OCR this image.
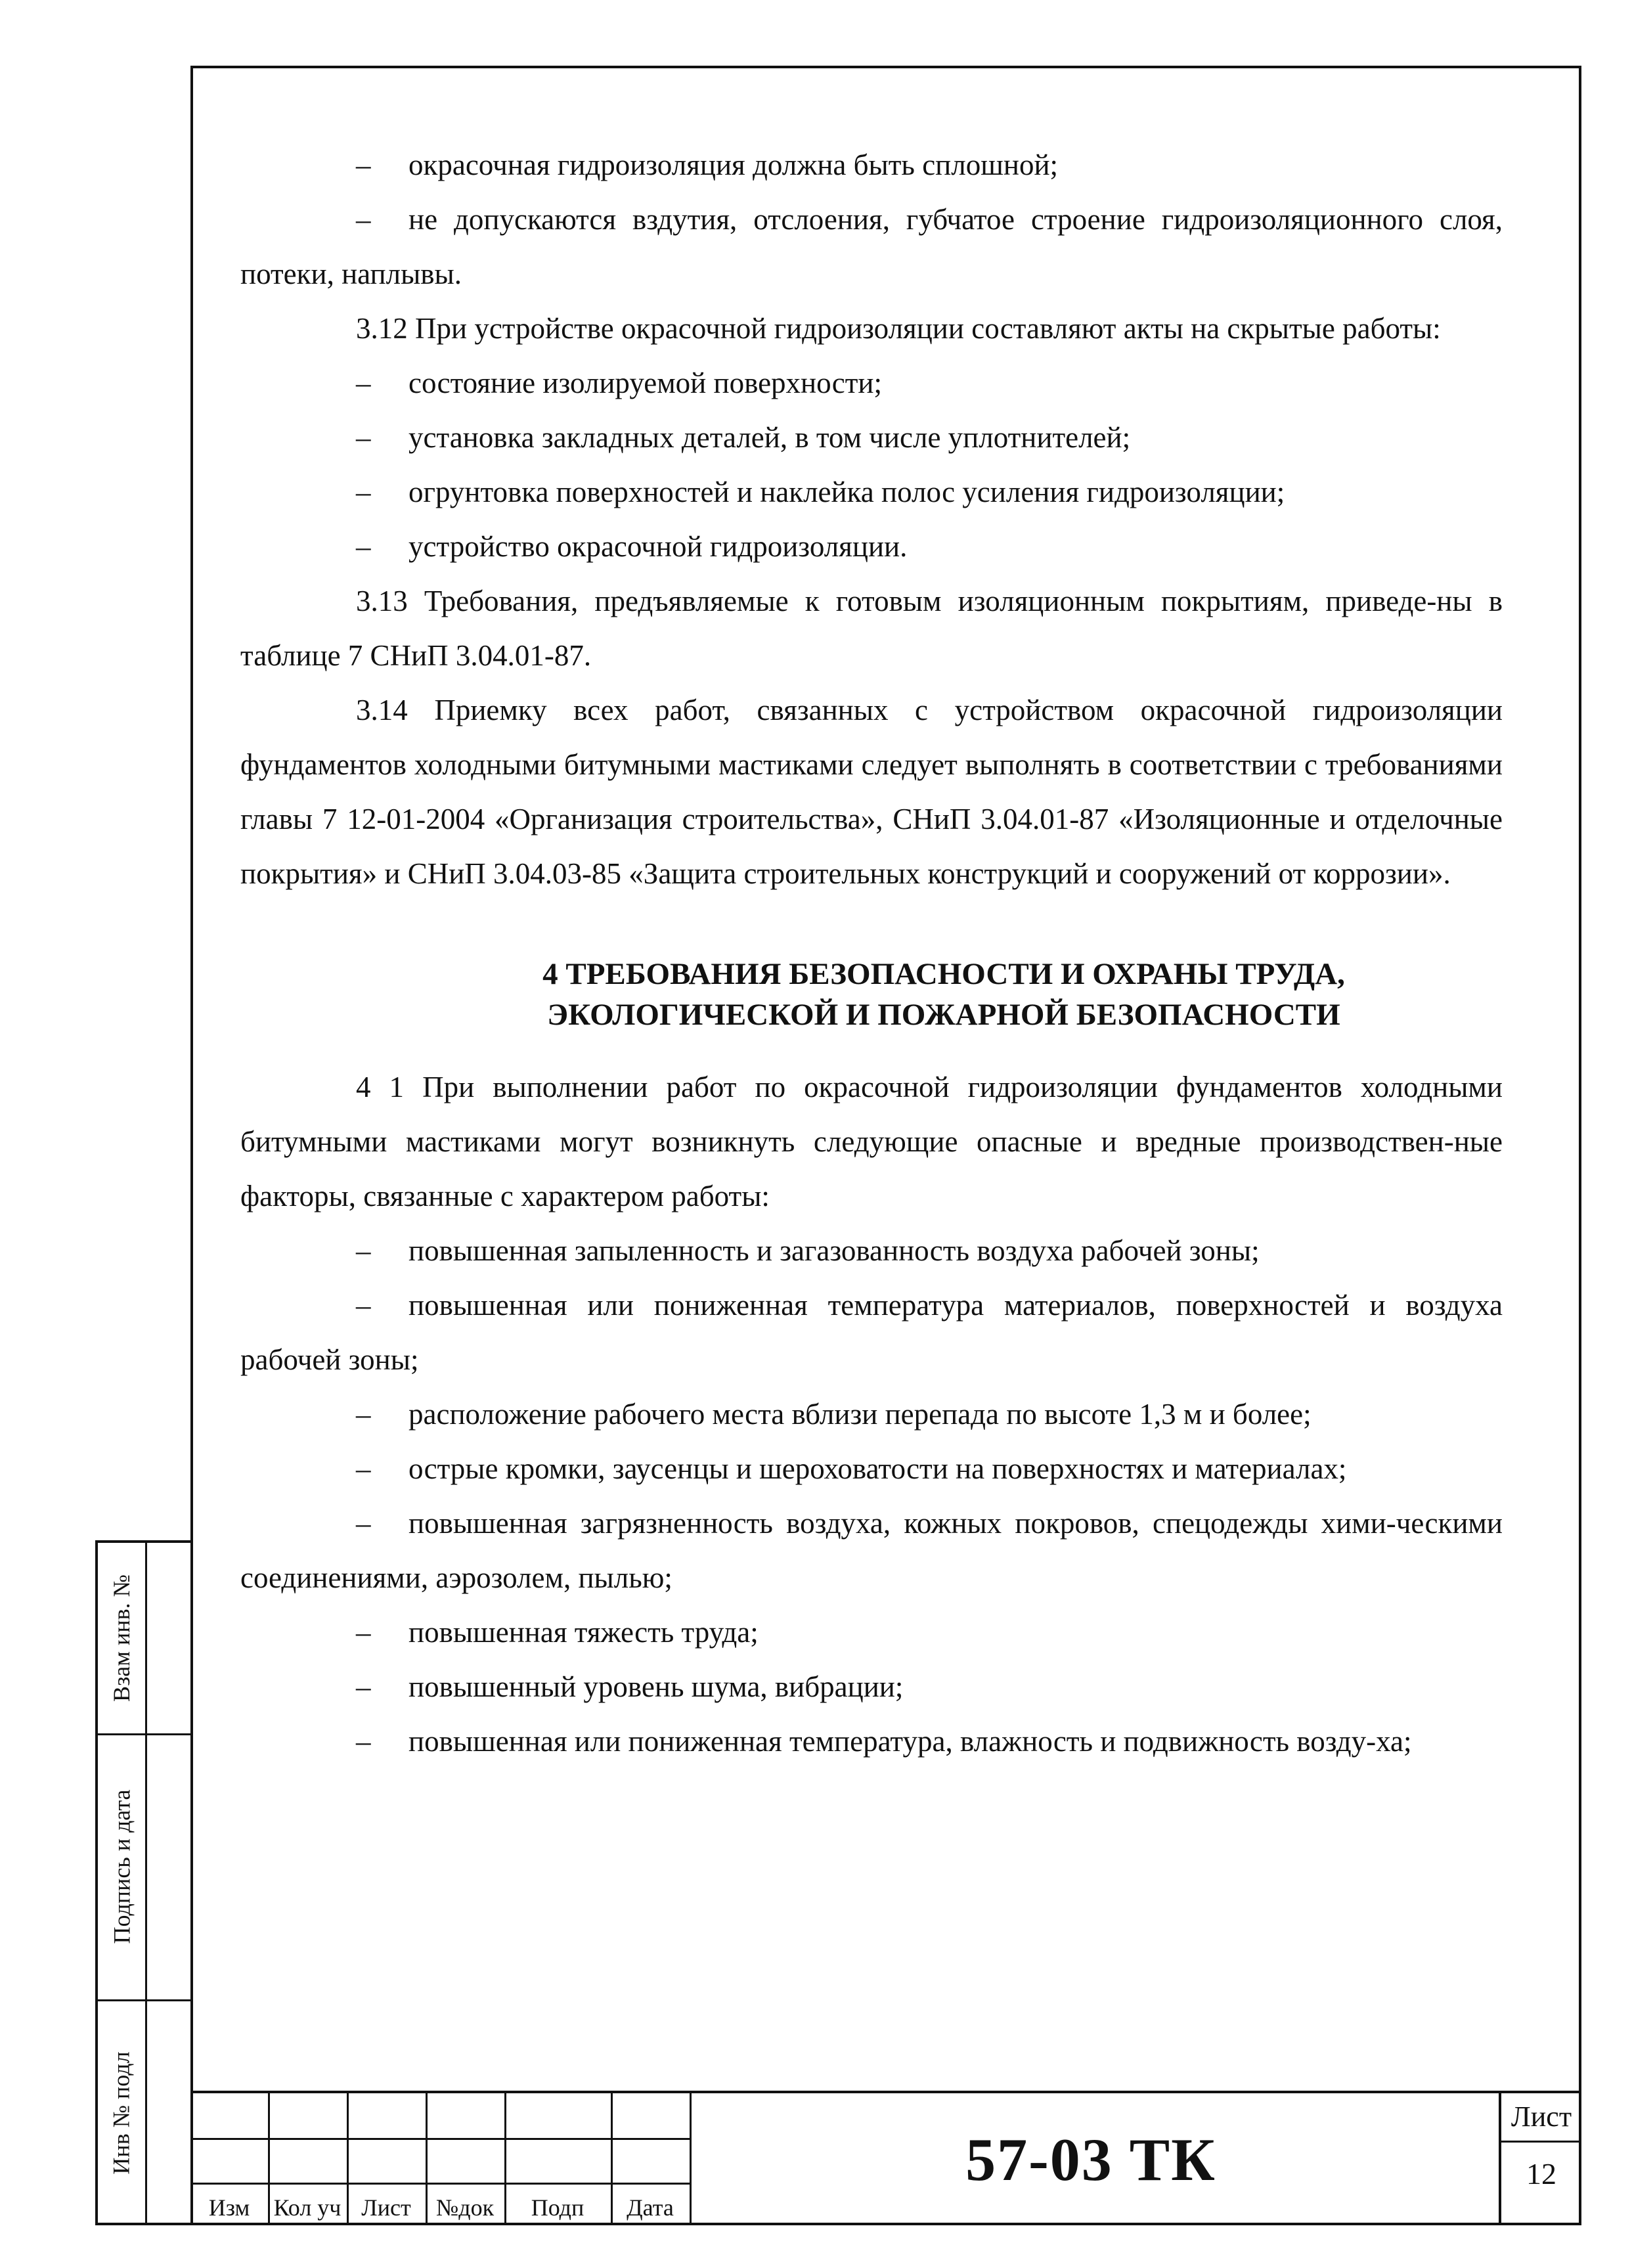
– окрасочная гидроизоляция должна быть сплошной;

– не допускаются вздутия, отслоения, губчатое строение гидроизоляционного слоя, потеки, наплывы.

3.12 При устройстве окрасочной гидроизоляции составляют акты на скрытые работы:

– состояние изолируемой поверхности;

– установка закладных деталей, в том числе уплотнителей;

– огрунтовка поверхностей и наклейка полос усиления гидроизоляции;

– устройство окрасочной гидроизоляции.

3.13 Требования, предъявляемые к готовым изоляционным покрытиям, приведе-ны в таблице 7 СНиП 3.04.01-87.

3.14 Приемку всех работ, связанных с устройством окрасочной гидроизоляции фундаментов холодными битумными мастиками следует выполнять в соответствии с требованиями главы 7 12-01-2004 «Организация строительства», СНиП 3.04.01-87 «Изоляционные и отделочные покрытия» и СНиП 3.04.03-85 «Защита строительных конструкций и сооружений от коррозии».

4 ТРЕБОВАНИЯ БЕЗОПАСНОСТИ И ОХРАНЫ ТРУДА,
ЭКОЛОГИЧЕСКОЙ И ПОЖАРНОЙ БЕЗОПАСНОСТИ

4 1 При выполнении работ по окрасочной гидроизоляции фундаментов холодными битумными мастиками могут возникнуть следующие опасные и вредные производствен-ные факторы, связанные с характером работы:

– повышенная запыленность и загазованность воздуха рабочей зоны;

– повышенная или пониженная температура материалов, поверхностей и воздуха рабочей зоны;

– расположение рабочего места вблизи перепада по высоте 1,3 м и более;

– острые кромки, заусенцы и шероховатости на поверхностях и материалах;

– повышенная загрязненность воздуха, кожных покровов, спецодежды хими-ческими соединениями, аэрозолем, пылью;

– повышенная тяжесть труда;

– повышенный уровень шума, вибрации;

– повышенная или пониженная температура, влажность и подвижность возду-ха;

Взам инв. №
Подпись и дата
Инв № подл
Изм	Кол уч Лист	№док	Подп	Дата
57-03 ТК
Лист
12
